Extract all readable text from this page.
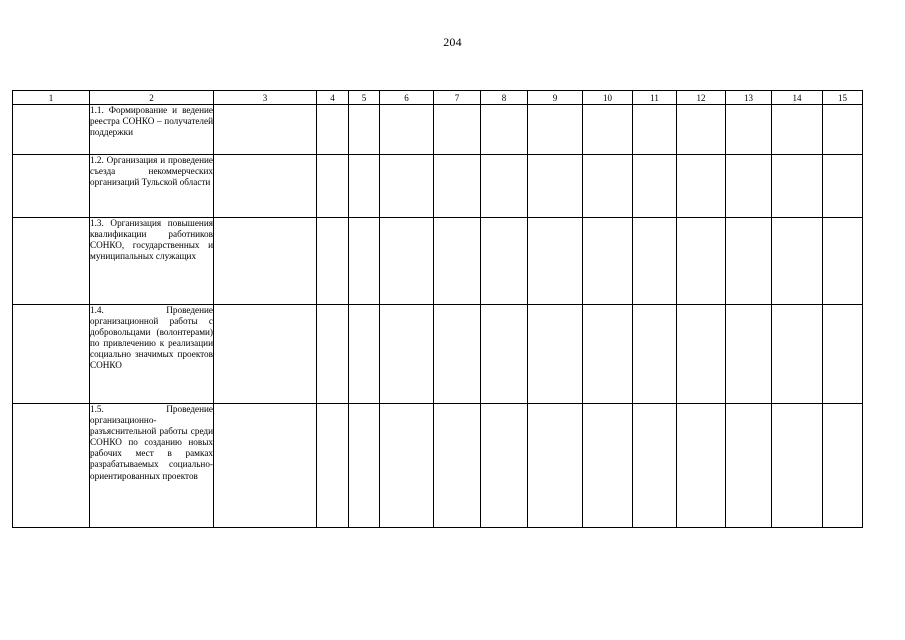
204
1	2	3	4	5	6	7	8	9	10	11	12	13	14	15

	1.1. Формирование и ведение реестра СОНКО – получателей поддержки													

	1.2. Организация и проведение съезда некоммерческих организаций Тульской области													

	1.3. Организация повышения квалификации работников СОНКО, государственных и муниципальных служащих													

	1.4. Проведение организационной работы с добровольцами (волонтерами) по привлечению к реализации социально значимых проектов СОНКО													

	1.5. Проведение организационно-разъяснительной работы среди СОНКО по созданию новых рабочих мест в рамках разрабатываемых социально-ориентированных проектов													
